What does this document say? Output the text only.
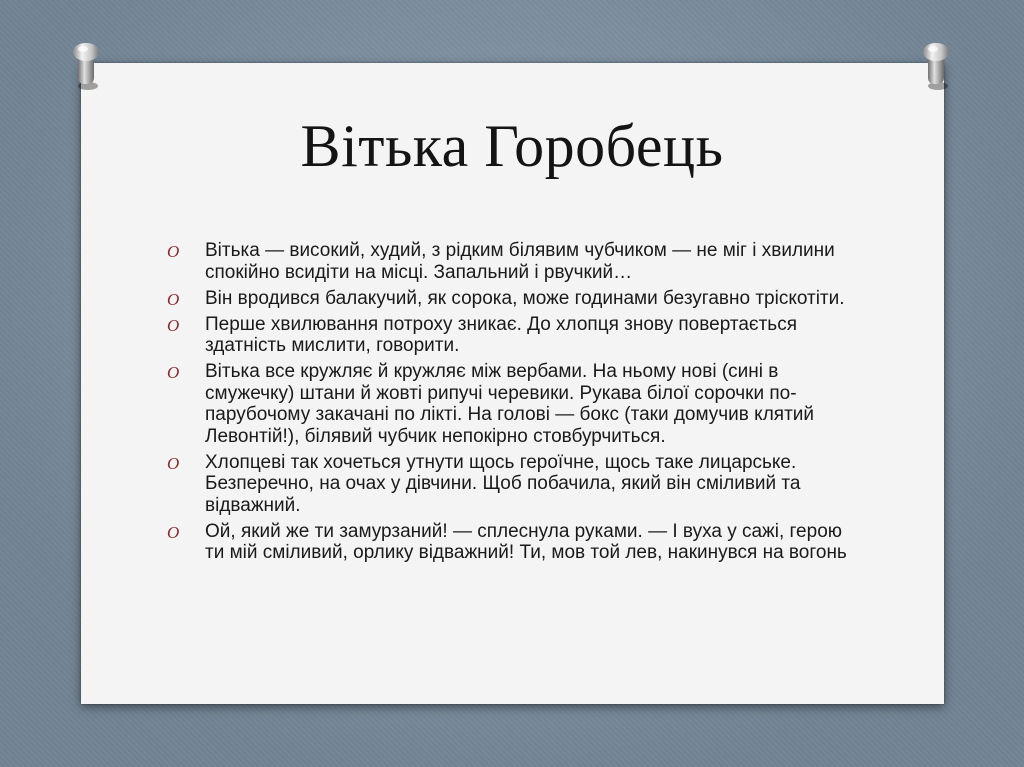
Вітька Горобець
O Вітька — високий, худий, з рідким білявим чубчиком — не міг і хвилини спокійно всидіти на місці. Запальний і рвучкий…
O Він вродився балакучий, як сорока, може годинами безугавно тріскотіти.
O Перше хвилювання потроху зникає. До хлопця знову повертається здатність мислити, говорити.
O Вітька все кружляє й кружляє між вербами. На ньому нові (сині в смужечку) штани й жовті рипучі черевики. Рукава білої сорочки по-парубочому закачані по лікті. На голові — бокс (таки домучив клятий Левонтій!), білявий чубчик непокірно стовбурчиться.
O Хлопцеві так хочеться утнути щось героїчне, щось таке лицарське. Безперечно, на очах у дівчини. Щоб побачила, який він сміливий та відважний.
O Ой, який же ти замурзаний! — сплеснула руками. — І вуха у сажі, герою ти мій сміливий, орлику відважний! Ти, мов той лев, накинувся на вогонь
